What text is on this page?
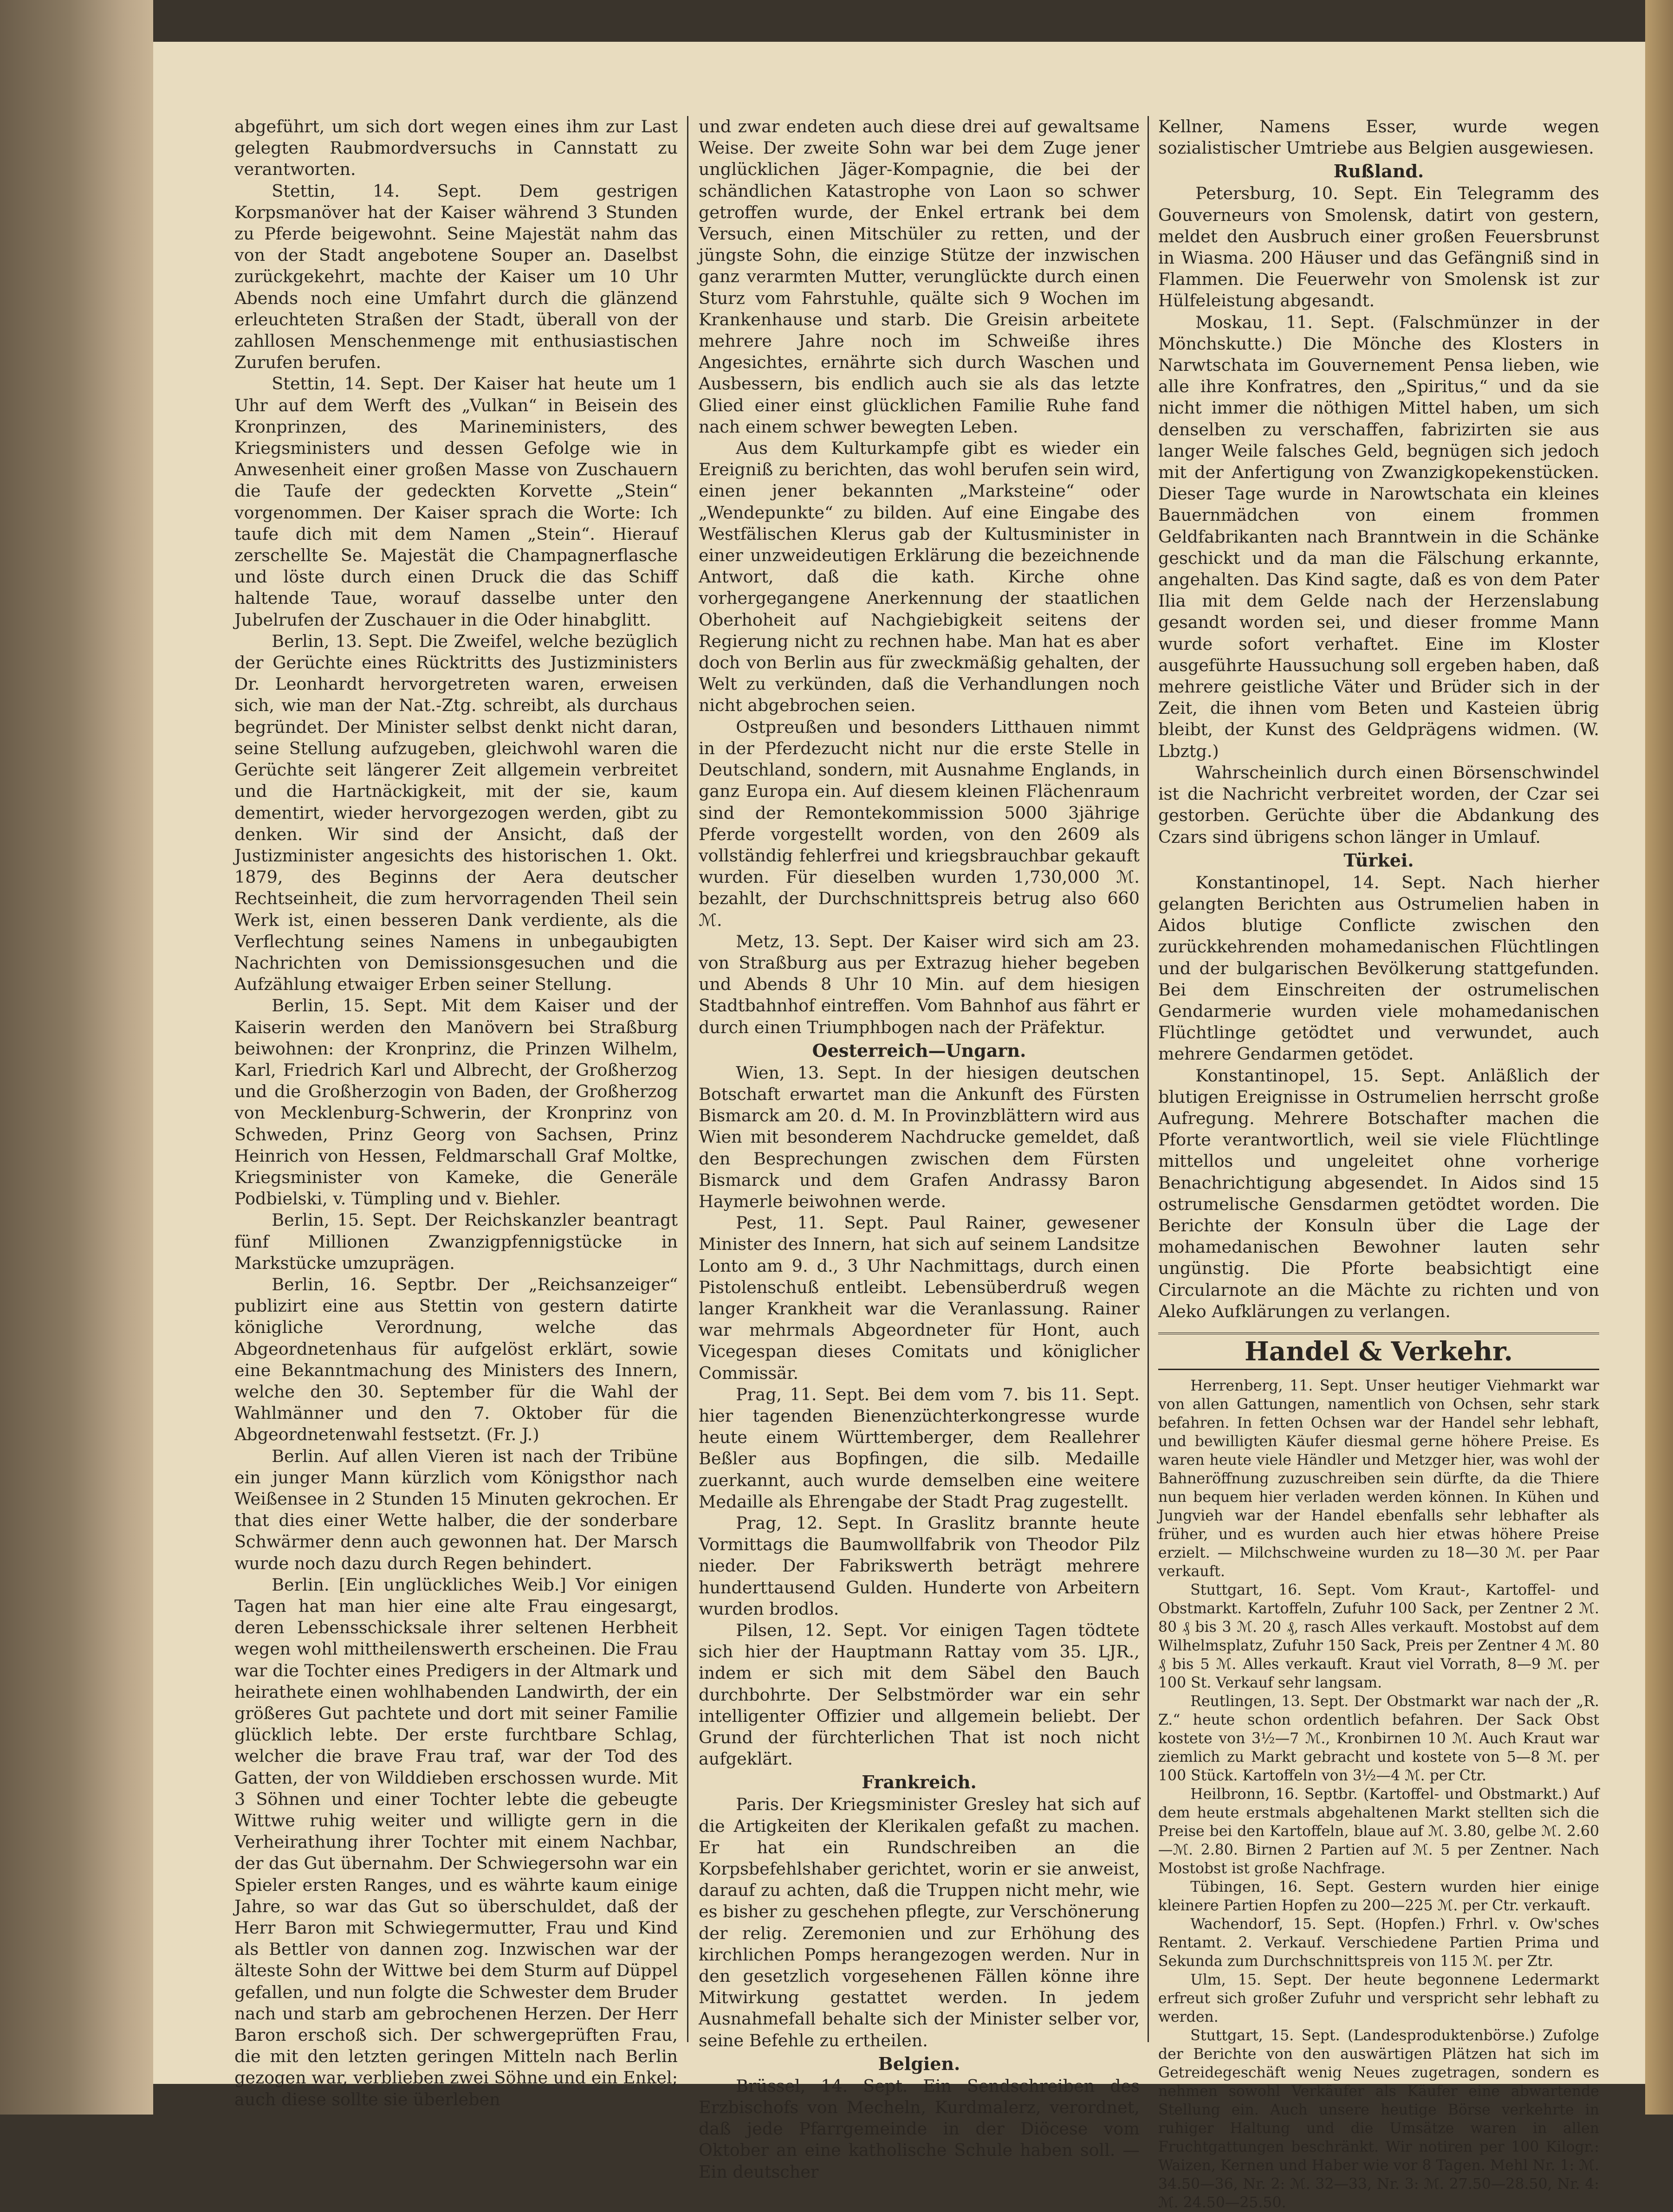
abgeführt, um sich dort wegen eines ihm zur Last gelegten Raubmordversuchs in Cannstatt zu verantworten.

Stettin, 14. Sept. Dem gestrigen Korpsmanöver hat der Kaiser während 3 Stunden zu Pferde beigewohnt. Seine Majestät nahm das von der Stadt angebotene Souper an. Daselbst zurückgekehrt, machte der Kaiser um 10 Uhr Abends noch eine Umfahrt durch die glänzend erleuchteten Straßen der Stadt, überall von der zahllosen Menschenmenge mit enthusiastischen Zurufen berufen.

Stettin, 14. Sept. Der Kaiser hat heute um 1 Uhr auf dem Werft des „Vulkan“ in Beisein des Kronprinzen, des Marineministers, des Kriegsministers und dessen Gefolge wie in Anwesenheit einer großen Masse von Zuschauern die Taufe der gedeckten Korvette „Stein“ vorgenommen. Der Kaiser sprach die Worte: Ich taufe dich mit dem Namen „Stein“. Hierauf zerschellte Se. Majestät die Champagnerflasche und löste durch einen Druck die das Schiff haltende Taue, worauf dasselbe unter den Jubelrufen der Zuschauer in die Oder hinabglitt.

Berlin, 13. Sept. Die Zweifel, welche bezüglich der Gerüchte eines Rücktritts des Justizministers Dr. Leonhardt hervorgetreten waren, erweisen sich, wie man der Nat.-Ztg. schreibt, als durchaus begründet. Der Minister selbst denkt nicht daran, seine Stellung aufzugeben, gleichwohl waren die Gerüchte seit längerer Zeit allgemein verbreitet und die Hartnäckigkeit, mit der sie, kaum dementirt, wieder hervorgezogen werden, gibt zu denken. Wir sind der Ansicht, daß der Justizminister angesichts des historischen 1. Okt. 1879, des Beginns der Aera deutscher Rechtseinheit, die zum hervorragenden Theil sein Werk ist, einen besseren Dank verdiente, als die Verflechtung seines Namens in unbegaubigten Nachrichten von Demissionsgesuchen und die Aufzählung etwaiger Erben seiner Stellung.

Berlin, 15. Sept. Mit dem Kaiser und der Kaiserin werden den Manövern bei Straßburg beiwohnen: der Kronprinz, die Prinzen Wilhelm, Karl, Friedrich Karl und Albrecht, der Großherzog und die Großherzogin von Baden, der Großherzog von Mecklenburg-Schwerin, der Kronprinz von Schweden, Prinz Georg von Sachsen, Prinz Heinrich von Hessen, Feldmarschall Graf Moltke, Kriegsminister von Kameke, die Generäle Podbielski, v. Tümpling und v. Biehler.

Berlin, 15. Sept. Der Reichskanzler beantragt fünf Millionen Zwanzigpfennigstücke in Markstücke umzuprägen.

Berlin, 16. Septbr. Der „Reichsanzeiger“ publizirt eine aus Stettin von gestern datirte königliche Verordnung, welche das Abgeordnetenhaus für aufgelöst erklärt, sowie eine Bekanntmachung des Ministers des Innern, welche den 30. September für die Wahl der Wahlmänner und den 7. Oktober für die Abgeordnetenwahl festsetzt. (Fr. J.)

Berlin. Auf allen Vieren ist nach der Tribüne ein junger Mann kürzlich vom Königsthor nach Weißensee in 2 Stunden 15 Minuten gekrochen. Er that dies einer Wette halber, die der sonderbare Schwärmer denn auch gewonnen hat. Der Marsch wurde noch dazu durch Regen behindert.

Berlin. [Ein unglückliches Weib.] Vor einigen Tagen hat man hier eine alte Frau eingesargt, deren Lebensschicksale ihrer seltenen Herbheit wegen wohl mittheilenswerth erscheinen. Die Frau war die Tochter eines Predigers in der Altmark und heirathete einen wohlhabenden Landwirth, der ein größeres Gut pachtete und dort mit seiner Familie glücklich lebte. Der erste furchtbare Schlag, welcher die brave Frau traf, war der Tod des Gatten, der von Wilddieben erschossen wurde. Mit 3 Söhnen und einer Tochter lebte die gebeugte Wittwe ruhig weiter und willigte gern in die Verheirathung ihrer Tochter mit einem Nachbar, der das Gut übernahm. Der Schwiegersohn war ein Spieler ersten Ranges, und es währte kaum einige Jahre, so war das Gut so überschuldet, daß der Herr Baron mit Schwiegermutter, Frau und Kind als Bettler von dannen zog. Inzwischen war der älteste Sohn der Wittwe bei dem Sturm auf Düppel gefallen, und nun folgte die Schwester dem Bruder nach und starb am gebrochenen Herzen. Der Herr Baron erschoß sich. Der schwergeprüften Frau, die mit den letzten geringen Mitteln nach Berlin gezogen war, verblieben zwei Söhne und ein Enkel; auch diese sollte sie überleben

und zwar endeten auch diese drei auf gewaltsame Weise. Der zweite Sohn war bei dem Zuge jener unglücklichen Jäger-Kompagnie, die bei der schändlichen Katastrophe von Laon so schwer getroffen wurde, der Enkel ertrank bei dem Versuch, einen Mitschüler zu retten, und der jüngste Sohn, die einzige Stütze der inzwischen ganz verarmten Mutter, verunglückte durch einen Sturz vom Fahrstuhle, quälte sich 9 Wochen im Krankenhause und starb. Die Greisin arbeitete mehrere Jahre noch im Schweiße ihres Angesichtes, ernährte sich durch Waschen und Ausbessern, bis endlich auch sie als das letzte Glied einer einst glücklichen Familie Ruhe fand nach einem schwer bewegten Leben.

Aus dem Kulturkampfe gibt es wieder ein Ereigniß zu berichten, das wohl berufen sein wird, einen jener bekannten „Marksteine“ oder „Wendepunkte“ zu bilden. Auf eine Eingabe des Westfälischen Klerus gab der Kultusminister in einer unzweideutigen Erklärung die bezeichnende Antwort, daß die kath. Kirche ohne vorhergegangene Anerkennung der staatlichen Oberhoheit auf Nachgiebigkeit seitens der Regierung nicht zu rechnen habe. Man hat es aber doch von Berlin aus für zweckmäßig gehalten, der Welt zu verkünden, daß die Verhandlungen noch nicht abgebrochen seien.

Ostpreußen und besonders Litthauen nimmt in der Pferdezucht nicht nur die erste Stelle in Deutschland, sondern, mit Ausnahme Englands, in ganz Europa ein. Auf diesem kleinen Flächenraum sind der Remontekommission 5000 3jährige Pferde vorgestellt worden, von den 2609 als vollständig fehlerfrei und kriegsbrauchbar gekauft wurden. Für dieselben wurden 1,730,000 ℳ. bezahlt, der Durchschnittspreis betrug also 660 ℳ.

Metz, 13. Sept. Der Kaiser wird sich am 23. von Straßburg aus per Extrazug hieher begeben und Abends 8 Uhr 10 Min. auf dem hiesigen Stadtbahnhof eintreffen. Vom Bahnhof aus fährt er durch einen Triumphbogen nach der Präfektur.

Oesterreich—Ungarn.

Wien, 13. Sept. In der hiesigen deutschen Botschaft erwartet man die Ankunft des Fürsten Bismarck am 20. d. M. In Provinzblättern wird aus Wien mit besonderem Nachdrucke gemeldet, daß den Besprechungen zwischen dem Fürsten Bismarck und dem Grafen Andrassy Baron Haymerle beiwohnen werde.

Pest, 11. Sept. Paul Rainer, gewesener Minister des Innern, hat sich auf seinem Landsitze Lonto am 9. d., 3 Uhr Nachmittags, durch einen Pistolenschuß entleibt. Lebensüberdruß wegen langer Krankheit war die Veranlassung. Rainer war mehrmals Abgeordneter für Hont, auch Vicegespan dieses Comitats und königlicher Commissär.

Prag, 11. Sept. Bei dem vom 7. bis 11. Sept. hier tagenden Bienenzüchterkongresse wurde heute einem Württemberger, dem Reallehrer Beßler aus Bopfingen, die silb. Medaille zuerkannt, auch wurde demselben eine weitere Medaille als Ehrengabe der Stadt Prag zugestellt.

Prag, 12. Sept. In Graslitz brannte heute Vormittags die Baumwollfabrik von Theodor Pilz nieder. Der Fabrikswerth beträgt mehrere hunderttausend Gulden. Hunderte von Arbeitern wurden brodlos.

Pilsen, 12. Sept. Vor einigen Tagen tödtete sich hier der Hauptmann Rattay vom 35. LJR., indem er sich mit dem Säbel den Bauch durchbohrte. Der Selbstmörder war ein sehr intelligenter Offizier und allgemein beliebt. Der Grund der fürchterlichen That ist noch nicht aufgeklärt.

Frankreich.

Paris. Der Kriegsminister Gresley hat sich auf die Artigkeiten der Klerikalen gefaßt zu machen. Er hat ein Rundschreiben an die Korpsbefehlshaber gerichtet, worin er sie anweist, darauf zu achten, daß die Truppen nicht mehr, wie es bisher zu geschehen pflegte, zur Verschönerung der relig. Zeremonien und zur Erhöhung des kirchlichen Pomps herangezogen werden. Nur in den gesetzlich vorgesehenen Fällen könne ihre Mitwirkung gestattet werden. In jedem Ausnahmefall behalte sich der Minister selber vor, seine Befehle zu ertheilen.

Belgien.

Brüssel, 14. Sept. Ein Sendschreiben des Erzbischofs von Mecheln, Kurdmalerz, verordnet, daß jede Pfarrgemeinde in der Diöcese vom Oktober an eine katholische Schule haben soll. — Ein deutscher

Kellner, Namens Esser, wurde wegen sozialistischer Umtriebe aus Belgien ausgewiesen.

Rußland.

Petersburg, 10. Sept. Ein Telegramm des Gouverneurs von Smolensk, datirt von gestern, meldet den Ausbruch einer großen Feuersbrunst in Wiasma. 200 Häuser und das Gefängniß sind in Flammen. Die Feuerwehr von Smolensk ist zur Hülfeleistung abgesandt.

Moskau, 11. Sept. (Falschmünzer in der Mönchskutte.) Die Mönche des Klosters in Narwtschata im Gouvernement Pensa lieben, wie alle ihre Konfratres, den „Spiritus,“ und da sie nicht immer die nöthigen Mittel haben, um sich denselben zu verschaffen, fabrizirten sie aus langer Weile falsches Geld, begnügen sich jedoch mit der Anfertigung von Zwanzigkopekenstücken. Dieser Tage wurde in Narowtschata ein kleines Bauernmädchen von einem frommen Geldfabrikanten nach Branntwein in die Schänke geschickt und da man die Fälschung erkannte, angehalten. Das Kind sagte, daß es von dem Pater Ilia mit dem Gelde nach der Herzenslabung gesandt worden sei, und dieser fromme Mann wurde sofort verhaftet. Eine im Kloster ausgeführte Haussuchung soll ergeben haben, daß mehrere geistliche Väter und Brüder sich in der Zeit, die ihnen vom Beten und Kasteien übrig bleibt, der Kunst des Geldprägens widmen. (W. Lbztg.)

Wahrscheinlich durch einen Börsenschwindel ist die Nachricht verbreitet worden, der Czar sei gestorben. Gerüchte über die Abdankung des Czars sind übrigens schon länger in Umlauf.

Türkei.

Konstantinopel, 14. Sept. Nach hierher gelangten Berichten aus Ostrumelien haben in Aidos blutige Conflicte zwischen den zurückkehrenden mohamedanischen Flüchtlingen und der bulgarischen Bevölkerung stattgefunden. Bei dem Einschreiten der ostrumelischen Gendarmerie wurden viele mohamedanischen Flüchtlinge getödtet und verwundet, auch mehrere Gendarmen getödet.

Konstantinopel, 15. Sept. Anläßlich der blutigen Ereignisse in Ostrumelien herrscht große Aufregung. Mehrere Botschafter machen die Pforte verantwortlich, weil sie viele Flüchtlinge mittellos und ungeleitet ohne vorherige Benachrichtigung abgesendet. In Aidos sind 15 ostrumelische Gensdarmen getödtet worden. Die Berichte der Konsuln über die Lage der mohamedanischen Bewohner lauten sehr ungünstig. Die Pforte beabsichtigt eine Circularnote an die Mächte zu richten und von Aleko Aufklärungen zu verlangen.

Handel & Verkehr.

Herrenberg, 11. Sept. Unser heutiger Viehmarkt war von allen Gattungen, namentlich von Ochsen, sehr stark befahren. In fetten Ochsen war der Handel sehr lebhaft, und bewilligten Käufer diesmal gerne höhere Preise. Es waren heute viele Händler und Metzger hier, was wohl der Bahneröffnung zuzuschreiben sein dürfte, da die Thiere nun bequem hier verladen werden können. In Kühen und Jungvieh war der Handel ebenfalls sehr lebhafter als früher, und es wurden auch hier etwas höhere Preise erzielt. — Milchschweine wurden zu 18—30 ℳ. per Paar verkauft.

Stuttgart, 16. Sept. Vom Kraut-, Kartoffel- und Obstmarkt. Kartoffeln, Zufuhr 100 Sack, per Zentner 2 ℳ. 80 ₰ bis 3 ℳ. 20 ₰, rasch Alles verkauft. Mostobst auf dem Wilhelmsplatz, Zufuhr 150 Sack, Preis per Zentner 4 ℳ. 80 ₰ bis 5 ℳ. Alles verkauft. Kraut viel Vorrath, 8—9 ℳ. per 100 St. Verkauf sehr langsam.

Reutlingen, 13. Sept. Der Obstmarkt war nach der „R. Z.“ heute schon ordentlich befahren. Der Sack Obst kostete von 3½—7 ℳ., Kronbirnen 10 ℳ. Auch Kraut war ziemlich zu Markt gebracht und kostete von 5—8 ℳ. per 100 Stück. Kartoffeln von 3½—4 ℳ. per Ctr.

Heilbronn, 16. Septbr. (Kartoffel- und Obstmarkt.) Auf dem heute erstmals abgehaltenen Markt stellten sich die Preise bei den Kartoffeln, blaue auf ℳ. 3.80, gelbe ℳ. 2.60—ℳ. 2.80. Birnen 2 Partien auf ℳ. 5 per Zentner. Nach Mostobst ist große Nachfrage.

Tübingen, 16. Sept. Gestern wurden hier einige kleinere Partien Hopfen zu 200—225 ℳ. per Ctr. verkauft.

Wachendorf, 15. Sept. (Hopfen.) Frhrl. v. Ow'sches Rentamt. 2. Verkauf. Verschiedene Partien Prima und Sekunda zum Durchschnittspreis von 115 ℳ. per Ztr.

Ulm, 15. Sept. Der heute begonnene Ledermarkt erfreut sich großer Zufuhr und verspricht sehr lebhaft zu werden.

Stuttgart, 15. Sept. (Landesproduktenbörse.) Zufolge der Berichte von den auswärtigen Plätzen hat sich im Getreidegeschäft wenig Neues zugetragen, sondern es nehmen sowohl Verkäufer als Käufer eine abwartende Stellung ein. Auch unsere heutige Börse verkehrte in ruhiger Haltung und die Umsätze waren in allen Fruchtgattungen beschränkt. Wir notiren per 100 Kilogr.: Waizen, Kernen und Haber wie vor 8 Tagen. Mehl Nr. 1: ℳ. 34.50—36, Nr. 2: ℳ. 32—33, Nr. 3: ℳ. 27.50—28.50, Nr. 4: ℳ. 24.50—25.50.
